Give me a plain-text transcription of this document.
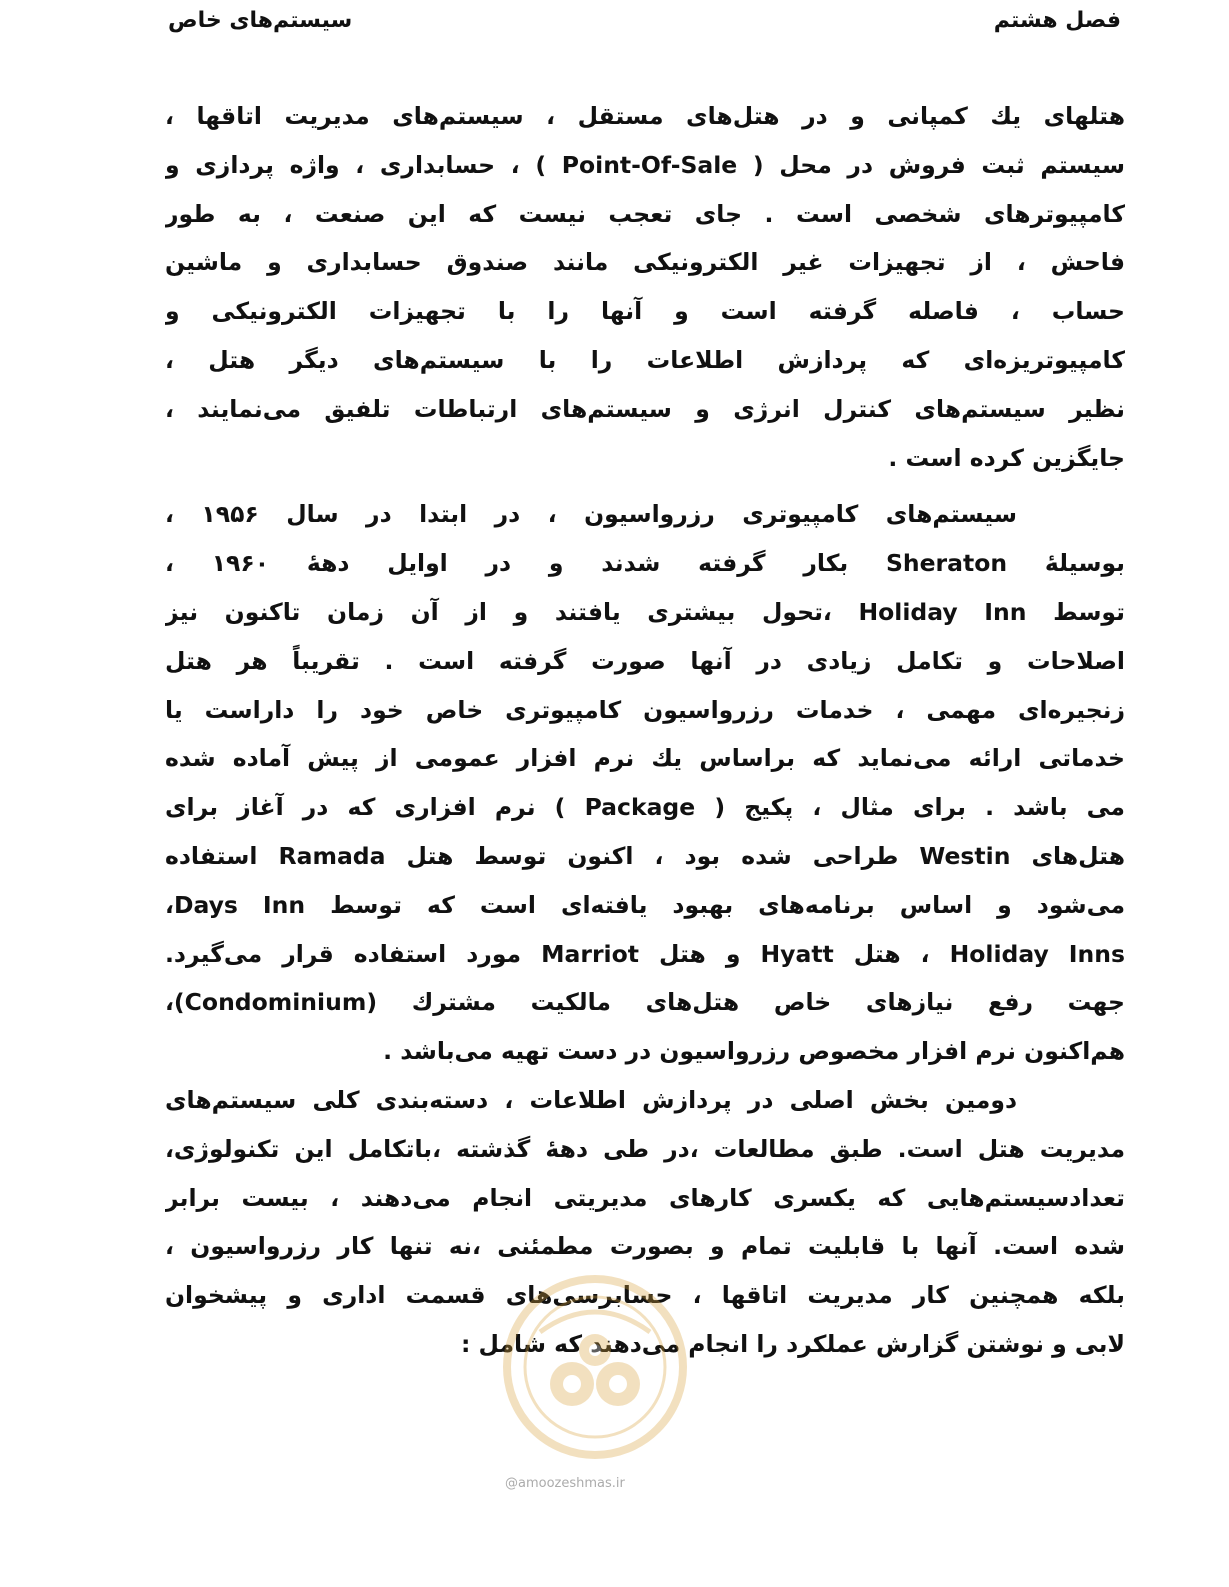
فصل هشتم
سیستم‌های خاص
هتلهای یك كمپانی و در هتل‌های مستقل ، سیستم‌های مدیریت اتاقها ،
سیستم ثبت فروش در محل ( Point-Of-Sale ) ، حسابداری ، واژه پردازی و
کامپیوترهای شخصی است . جای تعجب نیست که این صنعت ، به طور
فاحش ، از تجهیزات غیر الکترونیکی مانند صندوق حسابداری و ماشین
حساب ، فاصله گرفته است و آنها را با تجهیزات الکترونیکی و
کامپیوتریزه‌ای که پردازش اطلاعات را با سیستم‌های دیگر هتل ،
نظیر سیستم‌های کنترل انرژی و سیستم‌های ارتباطات تلفیق می‌نمایند ،
جایگزین کرده است .
سیستم‌های کامپیوتری رزرواسیون ، در ابتدا در سال ۱۹۵۶ ،
بوسیلهٔ Sheraton بکار گرفته شدند و در اوایل دههٔ ۱۹۶۰ ،
توسط Holiday Inn ،تحول بیشتری یافتند و از آن زمان تاکنون نیز
اصلاحات و تکامل زیادی در آنها صورت گرفته است . تقریباً هر هتل
زنجیره‌ای مهمی ، خدمات رزرواسیون کامپیوتری خاص خود را داراست یا
خدماتی ارائه می‌نماید که براساس یك نرم افزار عمومی از پیش آماده شده
می باشد . برای مثال ، پکیج ( Package ) نرم افزاری که در آغاز برای
هتل‌های Westin طراحی شده بود ، اکنون توسط هتل Ramada استفاده
می‌شود و اساس برنامه‌های بهبود یافته‌ای است که توسط Days Inn،
Holiday Inns ، هتل Hyatt و هتل Marriot مورد استفاده قرار می‌گیرد.
جهت رفع نیازهای خاص هتل‌های مالکیت مشترك (Condominium)،
هم‌اکنون نرم افزار مخصوص رزرواسیون در دست تهیه می‌باشد .
دومین بخش اصلی در پردازش اطلاعات ، دسته‌بندی کلی سیستم‌های
مدیریت هتل است. طبق مطالعات ،در طی دههٔ گذشته ،باتکامل این تکنولوژی،
تعدادسیستم‌هایی که یکسری کارهای مدیریتی انجام می‌دهند ، بیست برابر
شده است. آنها با قابلیت تمام و بصورت مطمئنی ،نه تنها کار رزرواسیون ،
بلکه همچنین کار مدیریت اتاقها ، حسابرسی‌های قسمت اداری و پیشخوان
لابی و نوشتن گزارش عملکرد را انجام می‌دهند که شامل :
@amoozeshmas.ir
